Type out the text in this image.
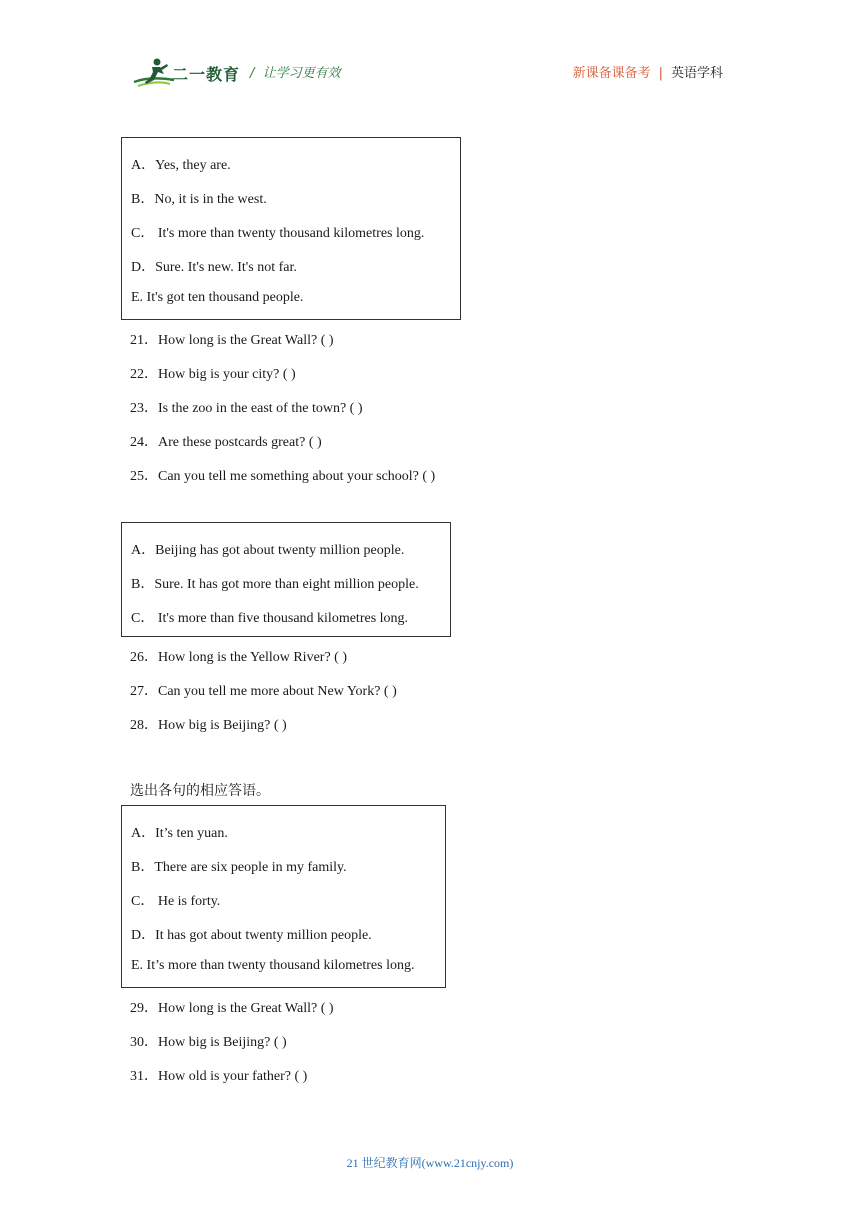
二一教育 / 让学习更有效	新课备课备考 | 英语学科
A．Yes, they are.
B．No, it is in the west.
C． It's more than twenty thousand kilometres long.
D．Sure. It's new. It's not far.
E. It's got ten thousand people.
21．How long is the Great Wall? ( )
22．How big is your city? ( )
23．Is the zoo in the east of the town? ( )
24．Are these postcards great? ( )
25．Can you tell me something about your school? ( )
A．Beijing has got about twenty million people.
B．Sure. It has got more than eight million people.
C． It's more than five thousand kilometres long.
26．How long is the Yellow River? ( )
27．Can you tell me more about New York? ( )
28．How big is Beijing? ( )
选出各句的相应答语。
A．It’s ten yuan.
B．There are six people in my family.
C． He is forty.
D．It has got about twenty million people.
E. It’s more than twenty thousand kilometres long.
29．How long is the Great Wall? ( )
30．How big is Beijing? ( )
31．How old is your father? ( )
21 世纪教育网(www.21cnjy.com)
